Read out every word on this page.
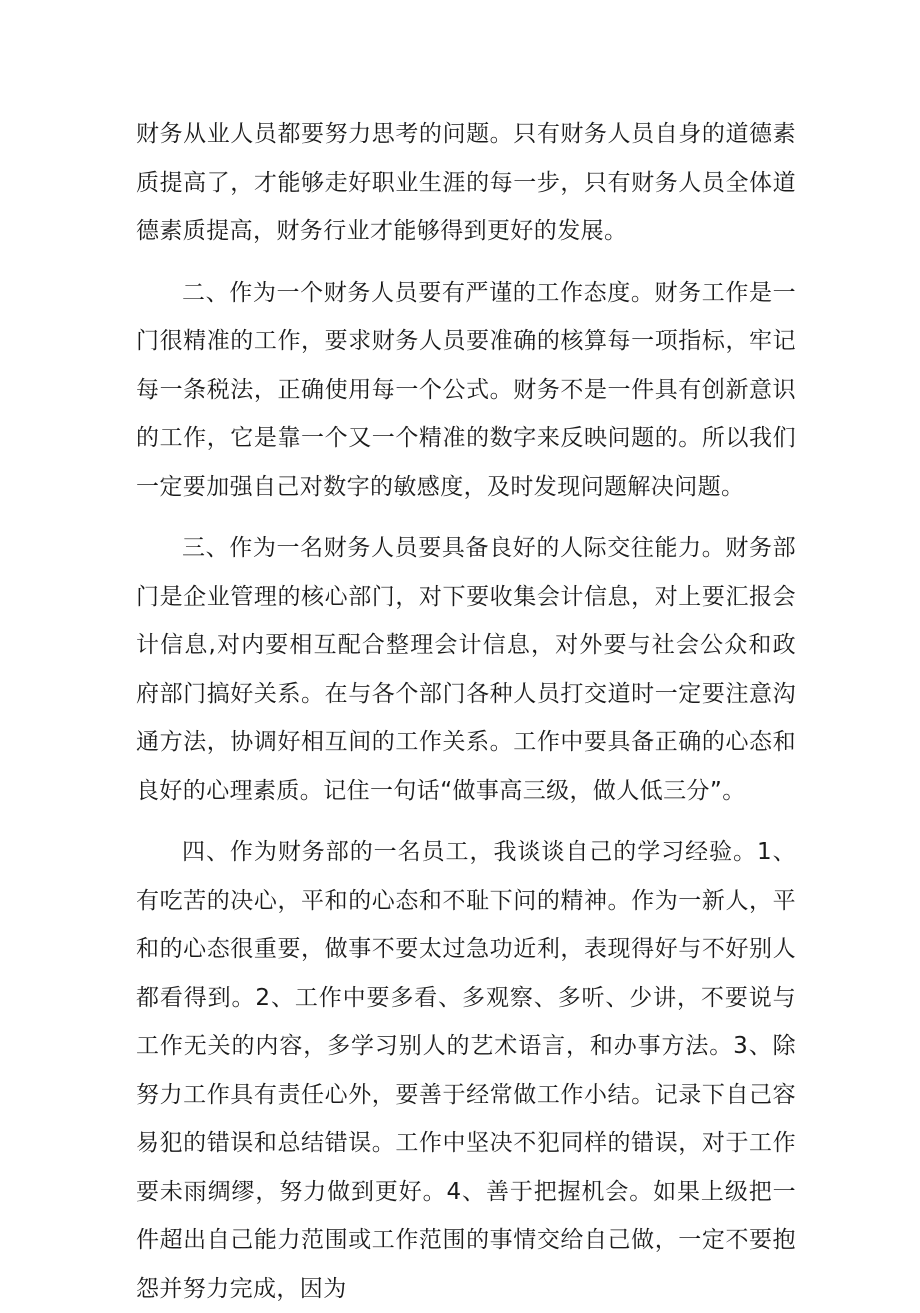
财务从业人员都要努力思考的问题。只有财务人员自身的道德素质提高了，才能够走好职业生涯的每一步，只有财务人员全体道德素质提高，财务行业才能够得到更好的发展。

二、作为一个财务人员要有严谨的工作态度。财务工作是一门很精准的工作，要求财务人员要准确的核算每一项指标，牢记每一条税法，正确使用每一个公式。财务不是一件具有创新意识的工作，它是靠一个又一个精准的数字来反映问题的。所以我们一定要加强自己对数字的敏感度，及时发现问题解决问题。

三、作为一名财务人员要具备良好的人际交往能力。财务部门是企业管理的核心部门，对下要收集会计信息，对上要汇报会计信息,对内要相互配合整理会计信息，对外要与社会公众和政府部门搞好关系。在与各个部门各种人员打交道时一定要注意沟通方法，协调好相互间的工作关系。工作中要具备正确的心态和良好的心理素质。记住一句话“做事高三级，做人低三分”。

四、作为财务部的一名员工，我谈谈自己的学习经验。1、有吃苦的决心，平和的心态和不耻下问的精神。作为一新人，平和的心态很重要，做事不要太过急功近利，表现得好与不好别人都看得到。2、工作中要多看、多观察、多听、少讲，不要说与工作无关的内容，多学习别人的艺术语言，和办事方法。3、除努力工作具有责任心外，要善于经常做工作小结。记录下自己容易犯的错误和总结错误。工作中坚决不犯同样的错误，对于工作要未雨绸缪，努力做到更好。4、善于把握机会。如果上级把一件超出自己能力范围或工作范围的事情交给自己做，一定不要抱怨并努力完成，因为
